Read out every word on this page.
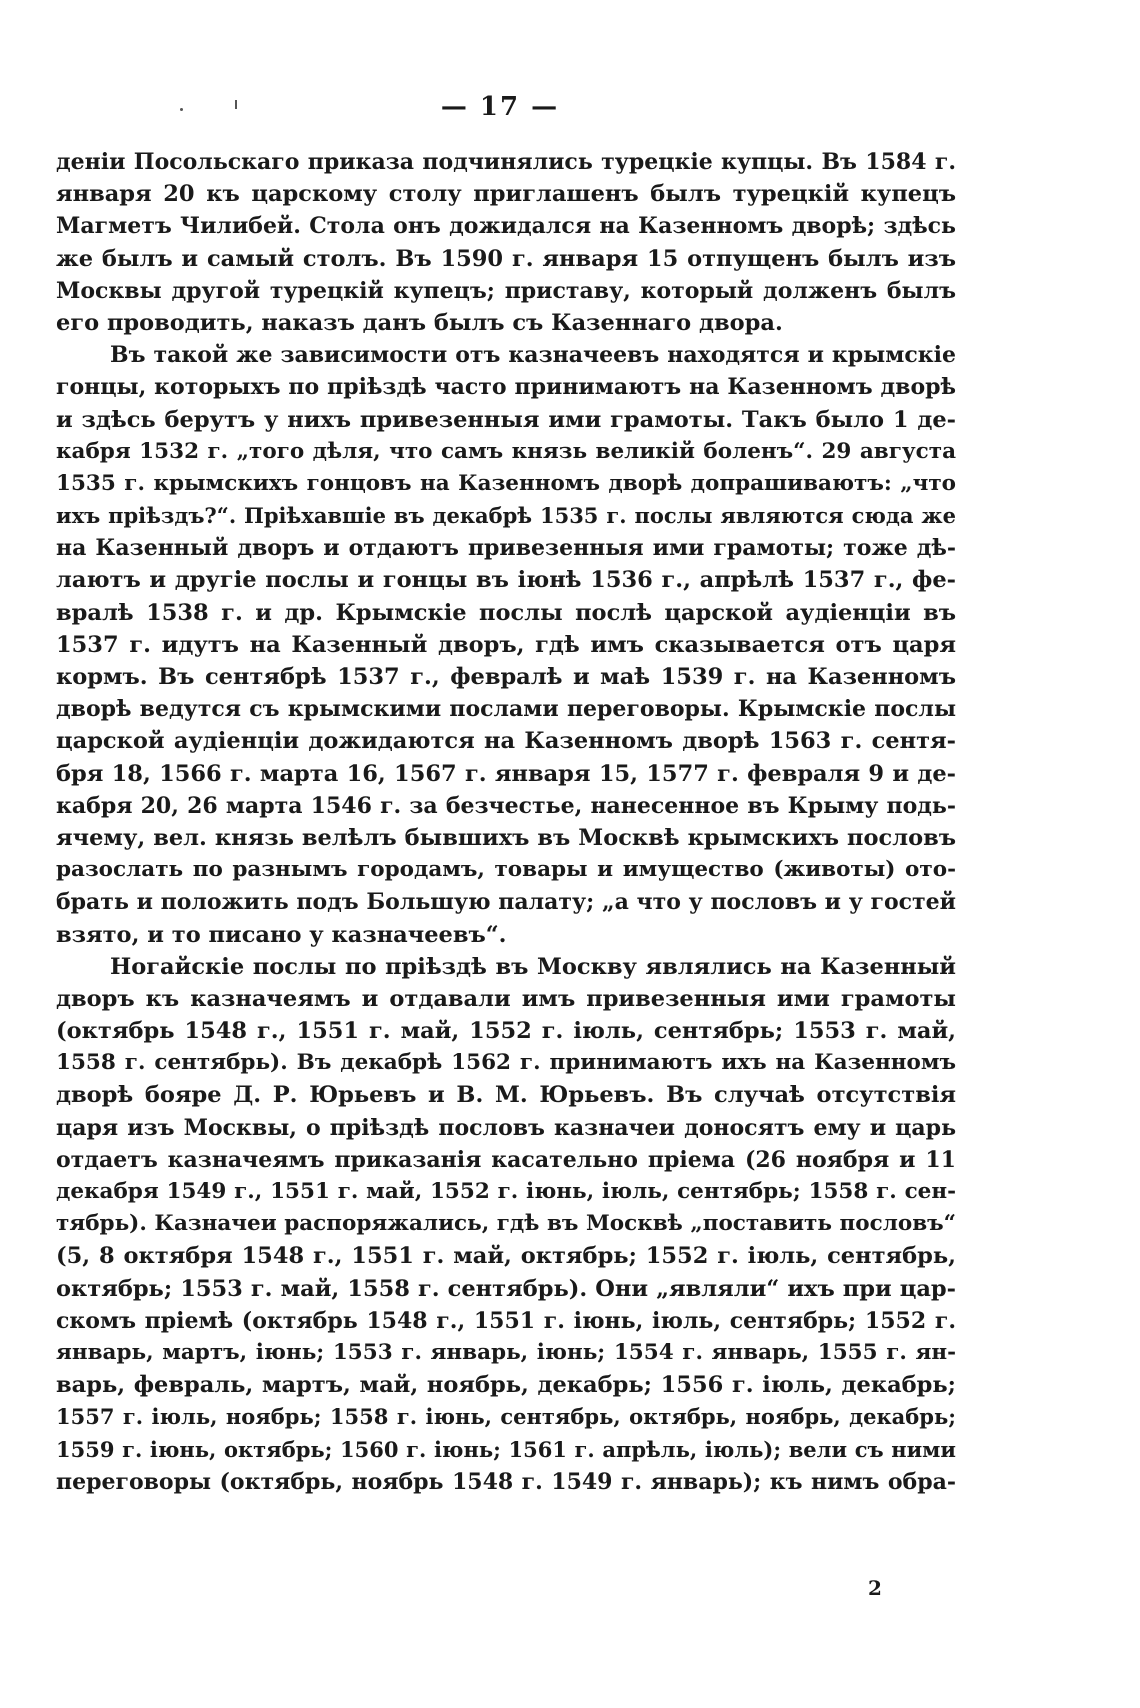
— 17 —
деніи Посольскаго приказа подчинялись турецкіе купцы. Въ 1584 г.
января 20 къ царскому столу приглашенъ былъ турецкій купецъ
Магметъ Чилибей. Стола онъ дожидался на Казенномъ дворѣ; здѣсь
же былъ и самый столъ. Въ 1590 г. января 15 отпущенъ былъ изъ
Москвы другой турецкій купецъ; приставу, который долженъ былъ
его проводить, наказъ данъ былъ съ Казеннаго двора.
Въ такой же зависимости отъ казначеевъ находятся и крымскіе
гонцы, которыхъ по пріѣздѣ часто принимаютъ на Казенномъ дворѣ
и здѣсь берутъ у нихъ привезенныя ими грамоты. Такъ было 1 де-
кабря 1532 г. „того дѣля, что самъ князь великій боленъ“. 29 августа
1535 г. крымскихъ гонцовъ на Казенномъ дворѣ допрашиваютъ: „что
ихъ пріѣздъ?“. Пріѣхавшіе въ декабрѣ 1535 г. послы являются сюда же
на Казенный дворъ и отдаютъ привезенныя ими грамоты; тоже дѣ-
лаютъ и другіе послы и гонцы въ іюнѣ 1536 г., апрѣлѣ 1537 г., фе-
вралѣ 1538 г. и др. Крымскіе послы послѣ царской аудіенціи въ
1537 г. идутъ на Казенный дворъ, гдѣ имъ сказывается отъ царя
кормъ. Въ сентябрѣ 1537 г., февралѣ и маѣ 1539 г. на Казенномъ
дворѣ ведутся съ крымскими послами переговоры. Крымскіе послы
царской аудіенціи дожидаются на Казенномъ дворѣ 1563 г. сентя-
бря 18, 1566 г. марта 16, 1567 г. января 15, 1577 г. февраля 9 и де-
кабря 20, 26 марта 1546 г. за безчестье, нанесенное въ Крыму подь-
ячему, вел. князь велѣлъ бывшихъ въ Москвѣ крымскихъ пословъ
разослать по разнымъ городамъ, товары и имущество (животы) ото-
брать и положить подъ Большую палату; „а что у пословъ и у гостей
взято, и то писано у казначеевъ“.
Ногайскіе послы по пріѣздѣ въ Москву являлись на Казенный
дворъ къ казначеямъ и отдавали имъ привезенныя ими грамоты
(октябрь 1548 г., 1551 г. май, 1552 г. іюль, сентябрь; 1553 г. май,
1558 г. сентябрь). Въ декабрѣ 1562 г. принимаютъ ихъ на Казенномъ
дворѣ бояре Д. Р. Юрьевъ и В. М. Юрьевъ. Въ случаѣ отсутствія
царя изъ Москвы, о пріѣздѣ пословъ казначеи доносятъ ему и царь
отдаетъ казначеямъ приказанія касательно пріема (26 ноября и 11
декабря 1549 г., 1551 г. май, 1552 г. іюнь, іюль, сентябрь; 1558 г. сен-
тябрь). Казначеи распоряжались, гдѣ въ Москвѣ „поставить пословъ“
(5, 8 октября 1548 г., 1551 г. май, октябрь; 1552 г. іюль, сентябрь,
октябрь; 1553 г. май, 1558 г. сентябрь). Они „являли“ ихъ при цар-
скомъ пріемѣ (октябрь 1548 г., 1551 г. іюнь, іюль, сентябрь; 1552 г.
январь, мартъ, іюнь; 1553 г. январь, іюнь; 1554 г. январь, 1555 г. ян-
варь, февраль, мартъ, май, ноябрь, декабрь; 1556 г. іюль, декабрь;
1557 г. іюль, ноябрь; 1558 г. іюнь, сентябрь, октябрь, ноябрь, декабрь;
1559 г. іюнь, октябрь; 1560 г. іюнь; 1561 г. апрѣль, іюль); вели съ ними
переговоры (октябрь, ноябрь 1548 г. 1549 г. январь); къ нимъ обра-
2
